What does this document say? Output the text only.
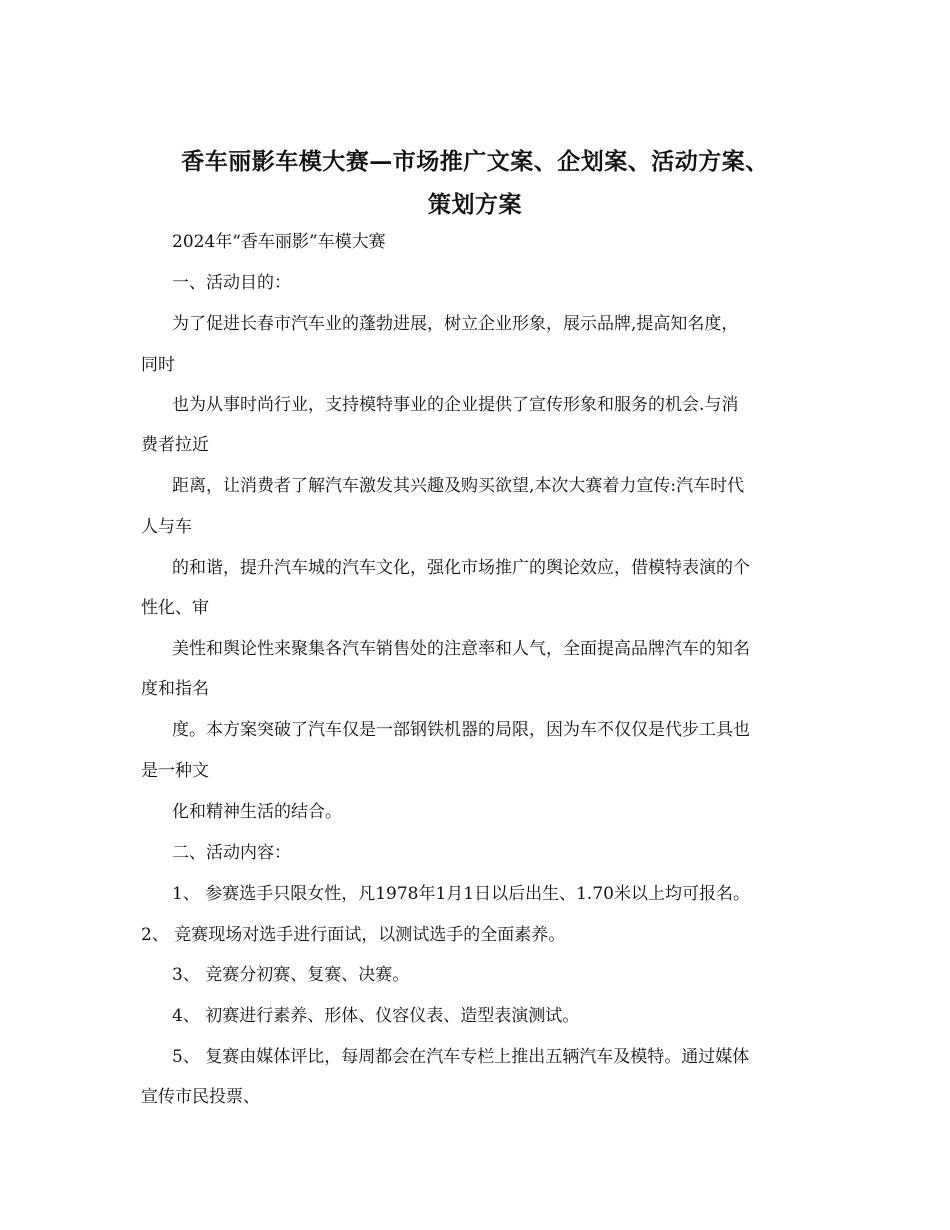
香车丽影车模大赛—市场推广文案、企划案、活动方案、
策划方案
2024年“香车丽影”车模大赛
一、活动目的：
为了促进长春市汽车业的蓬勃进展，树立企业形象，展示品牌,提高知名度，
同时
也为从事时尚行业，支持模特事业的企业提供了宣传形象和服务的机会.与消
费者拉近
距离，让消费者了解汽车激发其兴趣及购买欲望,本次大赛着力宣传:汽车时代
人与车
的和谐，提升汽车城的汽车文化，强化市场推广的舆论效应，借模特表演的个
性化、审
美性和舆论性来聚集各汽车销售处的注意率和人气，全面提高品牌汽车的知名
度和指名
度。本方案突破了汽车仅是一部钢铁机器的局限，因为车不仅仅是代步工具也
是一种文
化和精神生活的结合。
二、活动内容：
1、 参赛选手只限女性，凡1978年1月1日以后出生、1.70米以上均可报名。
2、 竞赛现场对选手进行面试，以测试选手的全面素养。
3、 竞赛分初赛、复赛、决赛。
4、 初赛进行素养、形体、仪容仪表、造型表演测试。
5、 复赛由媒体评比，每周都会在汽车专栏上推出五辆汽车及模特。通过媒体
宣传市民投票、
